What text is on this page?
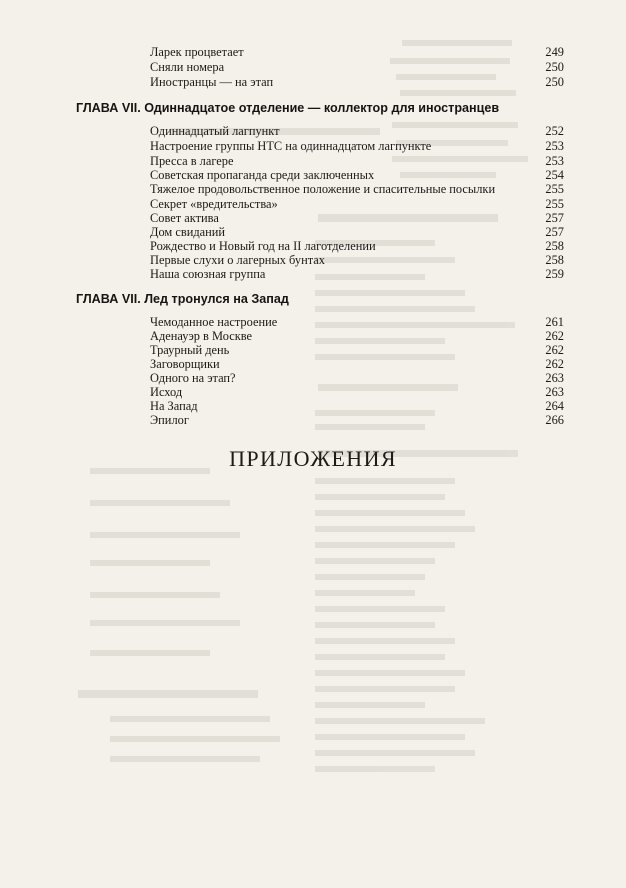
Ларек процветает	249
Сняли номера	250
Иностранцы — на этап	250
ГЛАВА VII. Одиннадцатое отделение — коллектор для иностранцев
Одиннадцатый лагпункт	252
Настроение группы НТС на одиннадцатом лагпункте	253
Пресса в лагере	253
Советская пропаганда среди заключенных	254
Тяжелое продовольственное положение и спасительные посылки	255
Секрет «вредительства»	255
Совет актива	257
Дом свиданий	257
Рождество и Новый год на II лаготделении	258
Первые слухи о лагерных бунтах	258
Наша союзная группа	259
ГЛАВА VII. Лед тронулся на Запад
Чемоданное настроение	261
Аденауэр в Москве	262
Траурный день	262
Заговорщики	262
Одного на этап?	263
Исход	263
На Запад	264
Эпилог	266
ПРИЛОЖЕНИЯ
